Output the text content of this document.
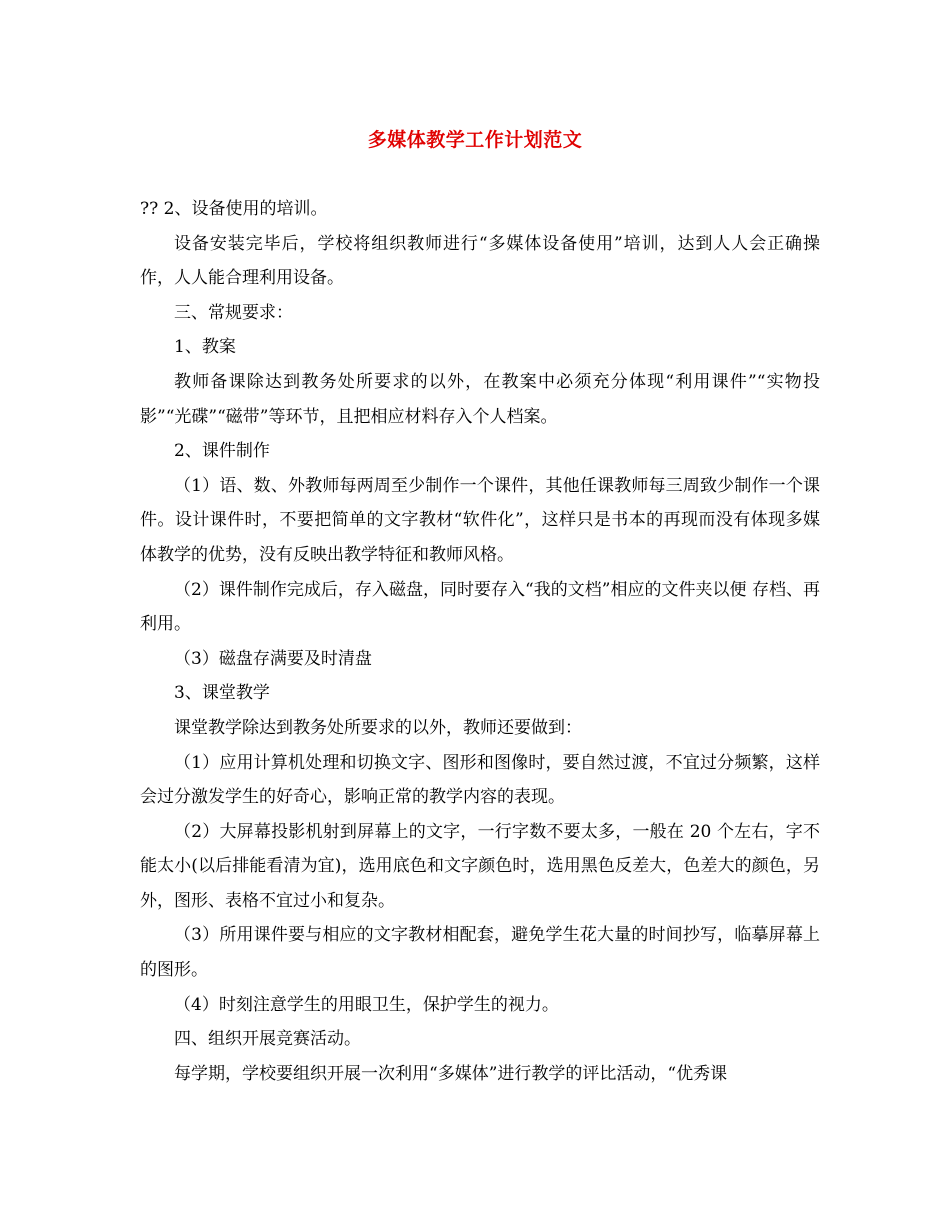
多媒体教学工作计划范文

?? 2、设备使用的培训。

设备安装完毕后，学校将组织教师进行“多媒体设备使用”培训，达到人人会正确操作，人人能合理利用设备。

三、常规要求：

1、教案

教师备课除达到教务处所要求的以外，在教案中必须充分体现“利用课件”“实物投影”“光碟”“磁带”等环节，且把相应材料存入个人档案。

2、课件制作

（1）语、数、外教师每两周至少制作一个课件，其他任课教师每三周致少制作一个课件。设计课件时，不要把简单的文字教材“软件化”，这样只是书本的再现而没有体现多媒体教学的优势，没有反映出教学特征和教师风格。

（2）课件制作完成后，存入磁盘，同时要存入“我的文档”相应的文件夹以便 存档、再利用。

（3）磁盘存满要及时清盘

3、课堂教学

课堂教学除达到教务处所要求的以外，教师还要做到：

（1）应用计算机处理和切换文字、图形和图像时，要自然过渡，不宜过分频繁，这样会过分激发学生的好奇心，影响正常的教学内容的表现。

（2）大屏幕投影机射到屏幕上的文字，一行字数不要太多，一般在 20 个左右，字不能太小(以后排能看清为宜)，选用底色和文字颜色时，选用黑色反差大，色差大的颜色，另外，图形、表格不宜过小和复杂。

（3）所用课件要与相应的文字教材相配套，避免学生花大量的时间抄写，临摹屏幕上的图形。

（4）时刻注意学生的用眼卫生，保护学生的视力。

四、组织开展竞赛活动。

每学期，学校要组织开展一次利用“多媒体”进行教学的评比活动，“优秀课
